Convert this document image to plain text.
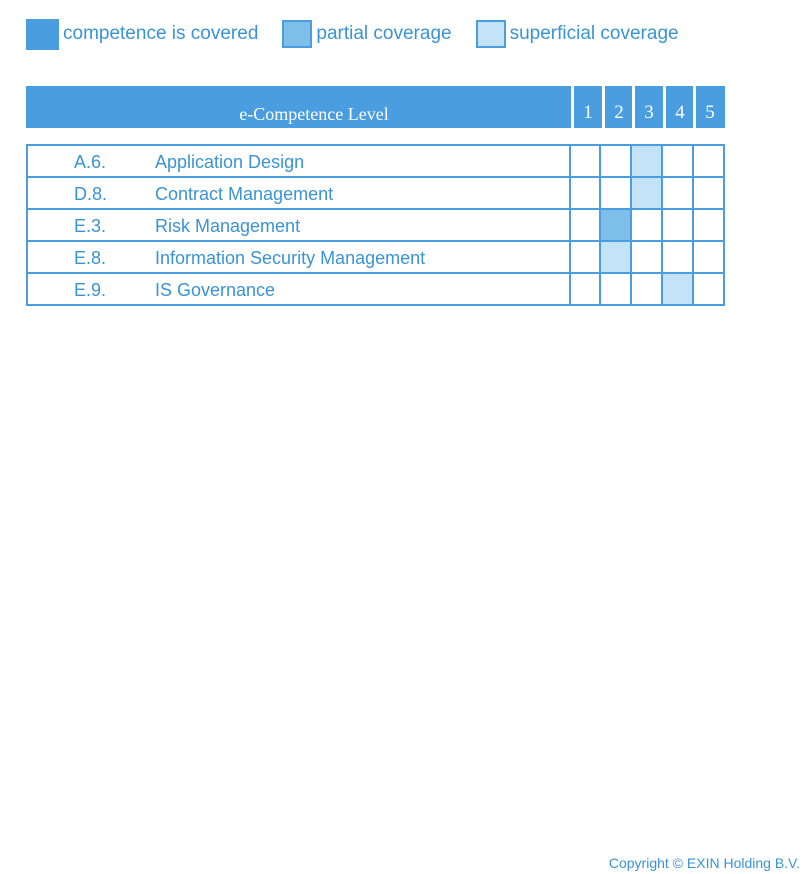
competence is covered	partial coverage	superficial coverage
e-Competence Level	1	2	3	4	5
A.6. Application Design					

D.8. Contract Management					

E.3. Risk Management					

E.8. Information Security Management					

E.9. IS Governance					

Copyright © EXIN Holding B.V.
